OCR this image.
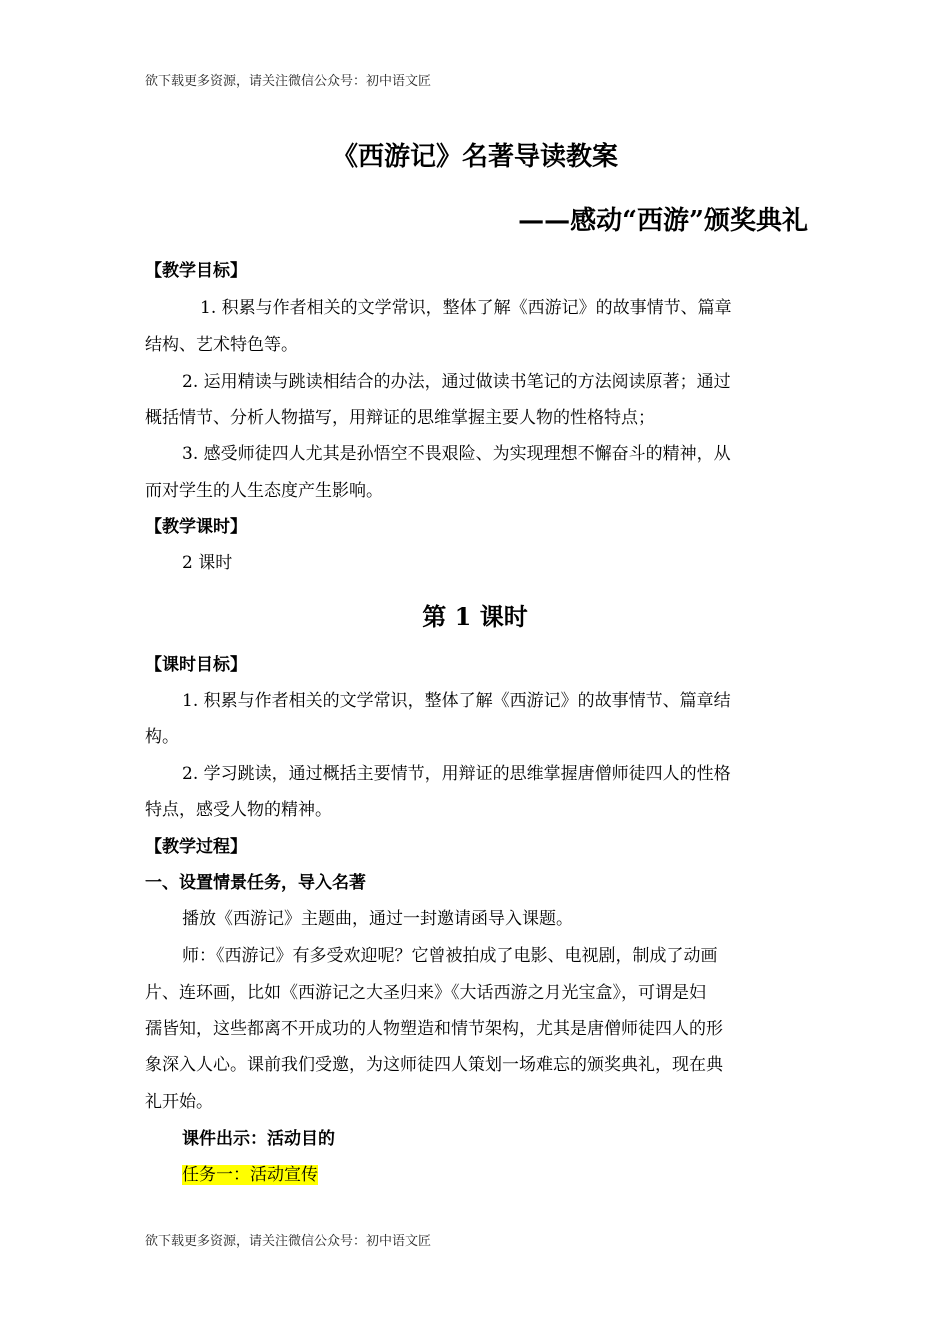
欲下载更多资源，请关注微信公众号：初中语文匠
《西游记》名著导读教案
——感动“西游”颁奖典礼
【教学目标】
1. 积累与作者相关的文学常识，整体了解《西游记》的故事情节、篇章
结构、艺术特色等。
2. 运用精读与跳读相结合的办法，通过做读书笔记的方法阅读原著；通过
概括情节、分析人物描写，用辩证的思维掌握主要人物的性格特点；
3. 感受师徒四人尤其是孙悟空不畏艰险、为实现理想不懈奋斗的精神，从
而对学生的人生态度产生影响。
【教学课时】
2 课时
第 1 课时
【课时目标】
1. 积累与作者相关的文学常识，整体了解《西游记》的故事情节、篇章结
构。
2. 学习跳读，通过概括主要情节，用辩证的思维掌握唐僧师徒四人的性格
特点，感受人物的精神。
【教学过程】
一、设置情景任务，导入名著
播放《西游记》主题曲，通过一封邀请函导入课题。
师：《西游记》有多受欢迎呢？它曾被拍成了电影、电视剧，制成了动画
片、连环画，比如《西游记之大圣归来》《大话西游之月光宝盒》，可谓是妇
孺皆知，这些都离不开成功的人物塑造和情节架构，尤其是唐僧师徒四人的形
象深入人心。课前我们受邀，为这师徒四人策划一场难忘的颁奖典礼，现在典
礼开始。
课件出示：活动目的
任务一：活动宣传
欲下载更多资源，请关注微信公众号：初中语文匠
